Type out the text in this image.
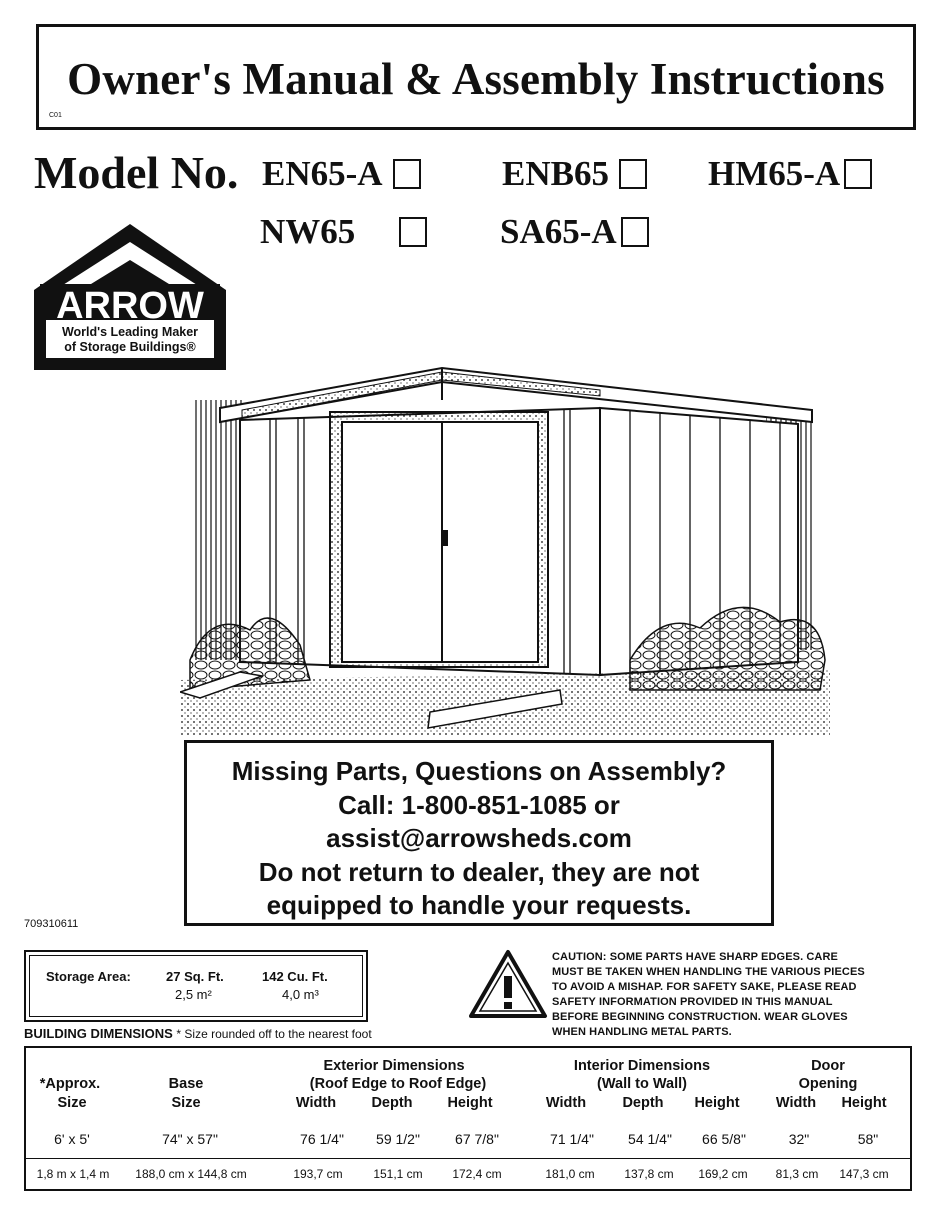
Owner's Manual & Assembly Instructions
C01
Model No. EN65-A	ENB65	HM65-A
NW65	SA65-A
ARROW
World's Leading Maker
of Storage Buildings®
Missing Parts, Questions on Assembly?
Call: 1-800-851-1085 or
assist@arrowsheds.com
Do not return to dealer, they are not
equipped to handle your requests.
709310611
Storage Area:	27 Sq. Ft.	142 Cu. Ft.
2,5 m²	4,0 m³
CAUTION: SOME PARTS HAVE SHARP EDGES. CARE
MUST BE TAKEN WHEN HANDLING THE VARIOUS PIECES
TO AVOID A MISHAP. FOR SAFETY SAKE, PLEASE READ
SAFETY INFORMATION PROVIDED IN THIS MANUAL
BEFORE BEGINNING CONSTRUCTION. WEAR GLOVES
WHEN HANDLING METAL PARTS.
BUILDING DIMENSIONS * Size rounded off to the nearest foot
Exterior Dimensions
(Roof Edge to Roof Edge)
Interior Dimensions
(Wall to Wall)
Door
Opening
*Approx.
Size
Base
Size	Width Depth Height	Width	Depth Height	Width Height
6' x 5'	74" x 57"	76 1/4" 59 1/2"	67 7/8"	71 1/4" 54 1/4" 66 5/8"	32"	58"
1,8 m x 1,4 m 188,0 cm x 144,8 cm	193,7 cm	151,1 cm 172,4 cm	181,0 cm 137,8 cm 169,2 cm 81,3 cm 147,3 cm
